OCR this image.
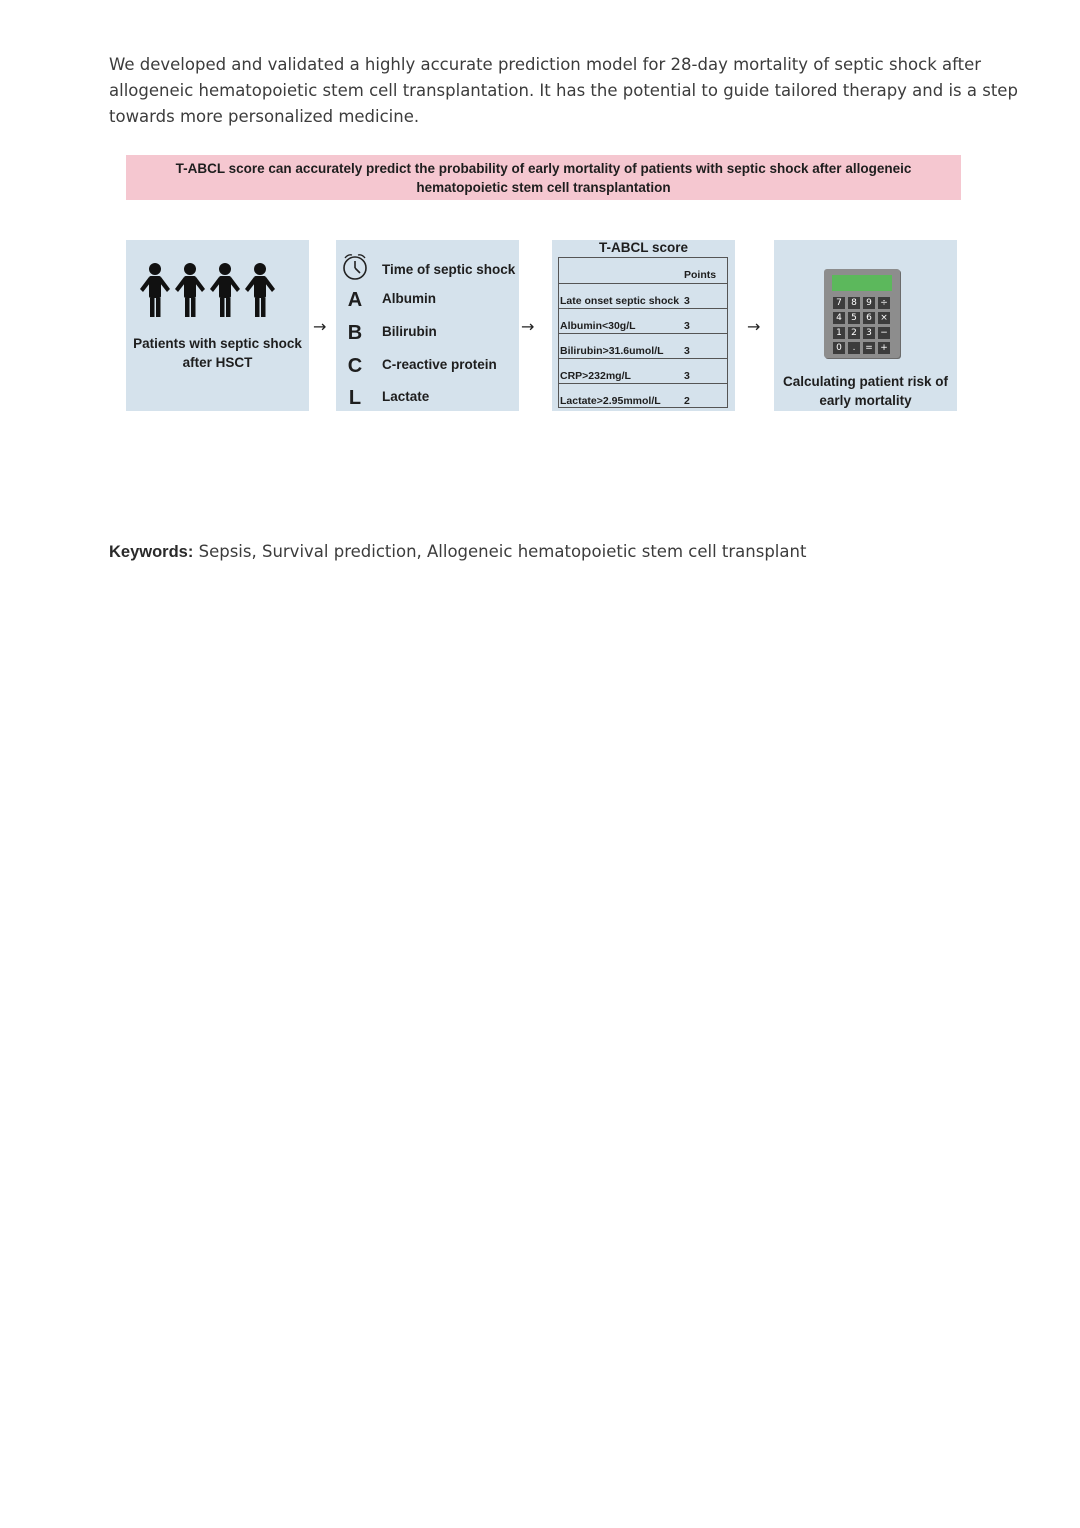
We developed and validated a highly accurate prediction model for 28-day mortality of septic shock after
allogeneic hematopoietic stem cell transplantation. It has the potential to guide tailored therapy and is a step
towards more personalized medicine.
T-ABCL score can accurately predict the probability of early mortality of patients with septic shock after allogeneic
hematopoietic stem cell transplantation
Patients with septic shock
after HSCT
→
Time of septic shock
A	Albumin
B	Bilirubin
C	C-reactive protein
L	Lactate
→
T-ABCL score
Points
Late onset septic shock 3
Albumin<30g/L	3
Bilirubin>31.6umol/L 3
CRP>232mg/L	3
Lactate>2.95mmol/L 2
→
7	8	9 ÷
4	5	6 ×
1	2	3 −
0	.	= +
Calculating patient risk of
early mortality
Keywords: Sepsis, Survival prediction, Allogeneic hematopoietic stem cell transplant
